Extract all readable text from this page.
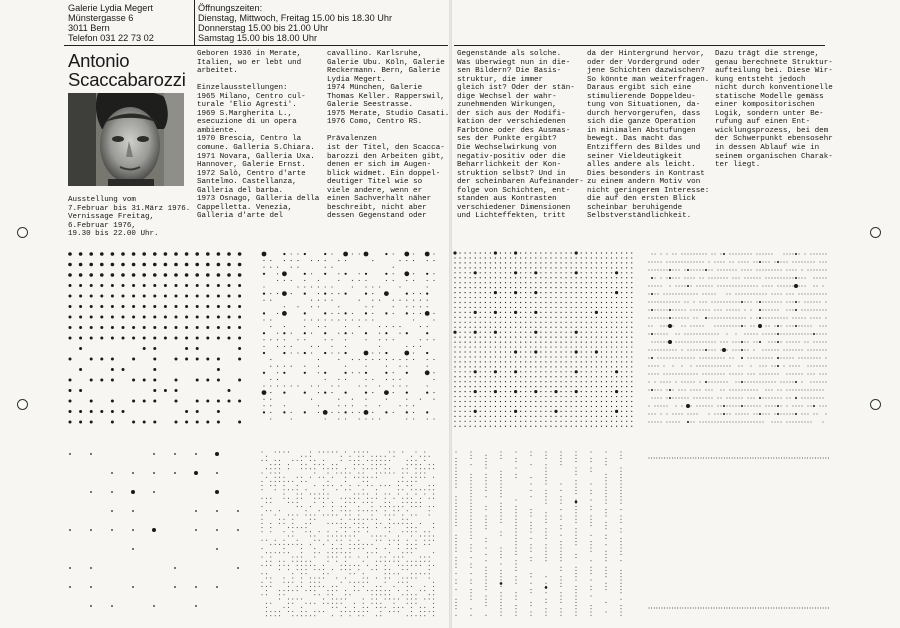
Galerie Lydia Megert
Münstergasse 6
3011 Bern
Telefon 031 22 73 02
Öffnungszeiten:
Dienstag, Mittwoch, Freitag 15.00 bis 18.30 Uhr
Donnerstag 15.00 bis 21.00 Uhr
Samstag 15.00 bis 18.00 Uhr
Antonio
Scaccabarozzi
Ausstellung vom
7.Februar bis 31.März 1976.
Vernissage Freitag,
6.Februar 1976,
19.30 bis 22.00 Uhr.
Geboren 1936 in Merate,
Italien, wo er lebt und
arbeitet.

Einzelausstellungen:
1965 Milano, Centro cul-
turale 'Elio Agresti'.
1969 S.Margherita L.,
esecuzione di un opera
ambiente.
1970 Brescia, Centro la
comune. Galleria S.Chiara.
1971 Novara, Galleria Uxa.
Hannover, Galerie Ernst.
1972 Salò, Centro d'arte
Santelmo. Castellanza,
Galleria del barba.
1973 Osnago, Galleria della
Cappelletta. Venezia,
Galleria d'arte del
cavallino. Karlsruhe,
Galerie Ubu. Köln, Galerie
Reckermann. Bern, Galerie
Lydia Megert.
1974 München, Galerie
Thomas Keller. Rapperswil,
Galerie Seestrasse.
1975 Merate, Studio Casati.
1976 Como, Centro RS.

Prävalenzen
ist der Titel, den Scacca-
barozzi den Arbeiten gibt,
denen er sich im Augen-
blick widmet. Ein doppel-
deutiger Titel wie so
viele andere, wenn er
einen Sachverhalt näher
beschreibt, nicht aber
dessen Gegenstand oder
Gegenstände als solche.
Was überwiegt nun in die-
sen Bildern? Die Basis-
struktur, die immer
gleich ist? Oder der stän-
dige Wechsel der wahr-
zunehmenden Wirkungen,
der sich aus der Modifi-
kation der verschiedenen
Farbtöne oder des Ausmas-
ses der Punkte ergibt?
Die Wechselwirkung von
negativ-positiv oder die
Beharrlichkeit der Kon-
struktion selbst? Und in
der scheinbaren Aufeinander-
folge von Schichten, ent-
standen aus Kontrasten
verschiedener Dimensionen
und Lichteffekten, tritt
da der Hintergrund hervor,
oder der Vordergrund oder
jene Schichten dazwischen?
So könnte man weiterfragen.
Daraus ergibt sich eine
stimulierende Doppeldeu-
tung von Situationen, da-
durch hervorgerufen, dass
sich die ganze Operation
in minimalen Abstufungen
bewegt. Das macht das
Entziffern des Bildes und
seiner Vieldeutigkeit
alles andere als leicht.
Dies besonders in Kontrast
zu einem andern Motiv von
nicht geringerem Interesse:
die auf den ersten Blick
scheinbar beruhigende
Selbstverständlichkeit.
Dazu trägt die strenge,
genau berechnete Struktur-
aufteilung bei. Diese Wir-
kung entsteht jedoch
nicht durch konventionelle
statische Modelle gemäss
einer kompositorischen
Logik, sondern unter Be-
rufung auf einen Ent-
wicklungsprozess, bei dem
der Schwerpunkt ebensosehr
in dessen Ablauf wie in
seinem organischen Charak-
ter liegt.
